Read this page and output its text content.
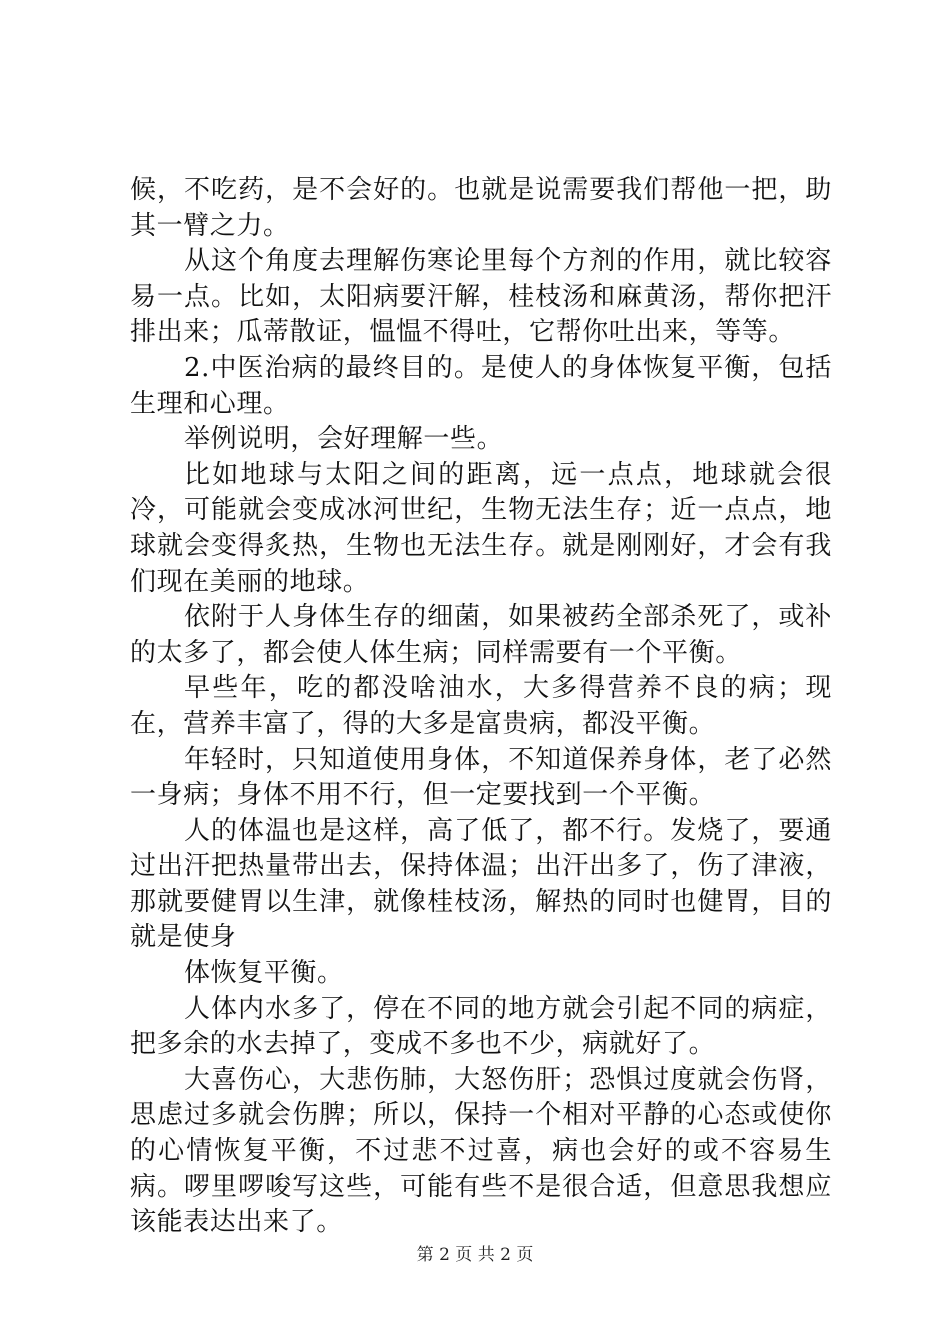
候，不吃药，是不会好的。也就是说需要我们帮他一把，助其一臂之力。

从这个角度去理解伤寒论里每个方剂的作用，就比较容易一点。比如，太阳病要汗解，桂枝汤和麻黄汤，帮你把汗排出来；瓜蒂散证，愠愠不得吐，它帮你吐出来，等等。

2.中医治病的最终目的。是使人的身体恢复平衡，包括生理和心理。

举例说明，会好理解一些。

比如地球与太阳之间的距离，远一点点，地球就会很冷，可能就会变成冰河世纪，生物无法生存；近一点点，地球就会变得炙热，生物也无法生存。就是刚刚好，才会有我们现在美丽的地球。

依附于人身体生存的细菌，如果被药全部杀死了，或补的太多了，都会使人体生病；同样需要有一个平衡。

早些年，吃的都没啥油水，大多得营养不良的病；现在，营养丰富了，得的大多是富贵病，都没平衡。

年轻时，只知道使用身体，不知道保养身体，老了必然一身病；身体不用不行，但一定要找到一个平衡。

人的体温也是这样，高了低了，都不行。发烧了，要通过出汗把热量带出去，保持体温；出汗出多了，伤了津液，那就要健胃以生津，就像桂枝汤，解热的同时也健胃，目的就是使身

体恢复平衡。

人体内水多了，停在不同的地方就会引起不同的病症，把多余的水去掉了，变成不多也不少，病就好了。

大喜伤心，大悲伤肺，大怒伤肝；恐惧过度就会伤肾，思虑过多就会伤脾；所以，保持一个相对平静的心态或使你的心情恢复平衡，不过悲不过喜，病也会好的或不容易生病。啰里啰唆写这些，可能有些不是很合适，但意思我想应该能表达出来了。

第 2 页 共 2 页
